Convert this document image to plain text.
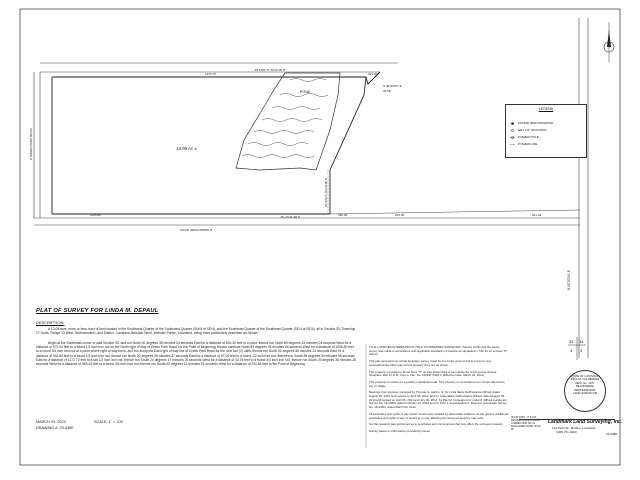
N 00°00'04" E
E GREEN PARK ROAD
POND
13.09 Ac ±
1173.72'
E 80°34'21" E 1003.82'
345.00'
1005.80'	S 89°36'47" W	390.00'	225.36'	541.02'
E GREEN PARK ROAD
N 00°06'40" E 526.40'
N 00°00'00" E
33.58'
33 34
4 3
LEGEND
FOUND IRON PIPE/ROD
SET 1/2" IRON ROD
POWER POLE
POWER LINE
PLAT OF SURVEY FOR LINDA M. DEPAUL
DESCRIPTION:
A 13.09 acre, more or less, tract of land located in the Southwest Quarter of the Southwest Quarter (SW/4 of SE/4), and the Southeast Quarter of the Southeast Quarter (SE/4 of SE/4), all in Section 33, Township 17 North, Range 10 West, Northwestern Land District, Louisiana Meridian West, Webster Parish, Louisiana, being more particularly described as follows:
Begin at the Southeast corner of said Section 33, and run North 00 degrees 38 minutes 04 seconds East for a distance of 526.40 feet to a point; thence run North 89 degrees 34 minutes 04 seconds West for a distance of 973.44 feet to a found 1/2 inch iron rod on the North right of way of Green Park Road, for the Point of Beginning; thence continue North 89 degrees 34 minutes 04 seconds West for a distance of 1005.80 feet to a found 3/4 inch iron rod at a point where right of way turns, and run along the East right of way line of Green Park Road for the next two (2) calls; thence run North 02 degrees 56 minutes 34 seconds East for a distance of 444.80 feet to a found 1/2 inch iron rod; thence run North 00 degrees 36 minutes 37 seconds East for a distance of 87.00 feet to a found 1/2 inch iron rod; thence run South 89 degrees 34 minutes 58 seconds East for a distance of 1172.72 feet to a set 1/2 inch iron rod; thence run South 24 degrees 17 minutes 20 seconds West for a distance of 23.78 feet to a found 3/4 inch iron rod; thence run South 29 degrees 36 minutes 28 seconds West for a distance of 365.43 feet to a found 3/4 inch iron rod; thence run South 00 degrees 12 minutes 01 seconds West for a distance of 200.86 feet to the Point of Beginning.
MARCH 09, 2023	SCALE: 1" = 100'
DRAWING #: 23-0380
TO ALL PARTIES INTERESTED IN TITLE TO PREMISES SURVEYED: I hereby certify that the above survey was made in accordance with applicable standards of practice as stipulated in Title 46 for a Class "D" Survey.
This plat represents an actual boundary survey made by me on the ground and is correct to any encroachments either way across property lines are as shown.
This property is located in Flood Zone "X" as was determined to be outside the 0.2% annual chance floodplain. Ref: F.I.R.M. Comm. Pan. No. 22019T 0400 C (Effective Date: March 02, 2011)
This property is located on a publicly maintained road. This property is not located in an incorporated town, city or village.
Bearings from previous surveyed by Thomas G. Harbin, Jr. for Linda Marie DePrestance DiPaul, dated August 30, 2010 and revised on April 06, 2014, and for Linda Marie DePrestance DiPaul, dated August 30, 2010 and revised on April 06, 2014 and July 30, 2014, by Paul M. Culpepper for Linda M. DiPaul (Landmark Survey No. 14-0380), dated February 17, 2016 and for John J. and Angelina S. Peterson (Landmark Survey No. 16-0380), dated March 03, 2016.
All servitudes and rights of way shown herein were located by observable evidence on the ground. Additional servitudes and rights of way of record or on use affecting the surveyed property may exist.
No title research was performed as to servitudes and conveyances that may affect the surveyed property.
Survey based on information provided by owner.
STATE OF LOUISIANA
PAUL M. CULPEPPER
REG. No. 4977
REGISTERED
PROFESSIONAL
LAND SURVEYOR
ISSUE DATE: 17-9-102
REVISION DATE: 05-09-25
CORRECTION NO: 01
FIELD WORK DATE: 05-03-25
Landmark Land Surveying, Inc.
114 Pearl St., Minden, Louisiana
(318) 371-4000	23-0380
